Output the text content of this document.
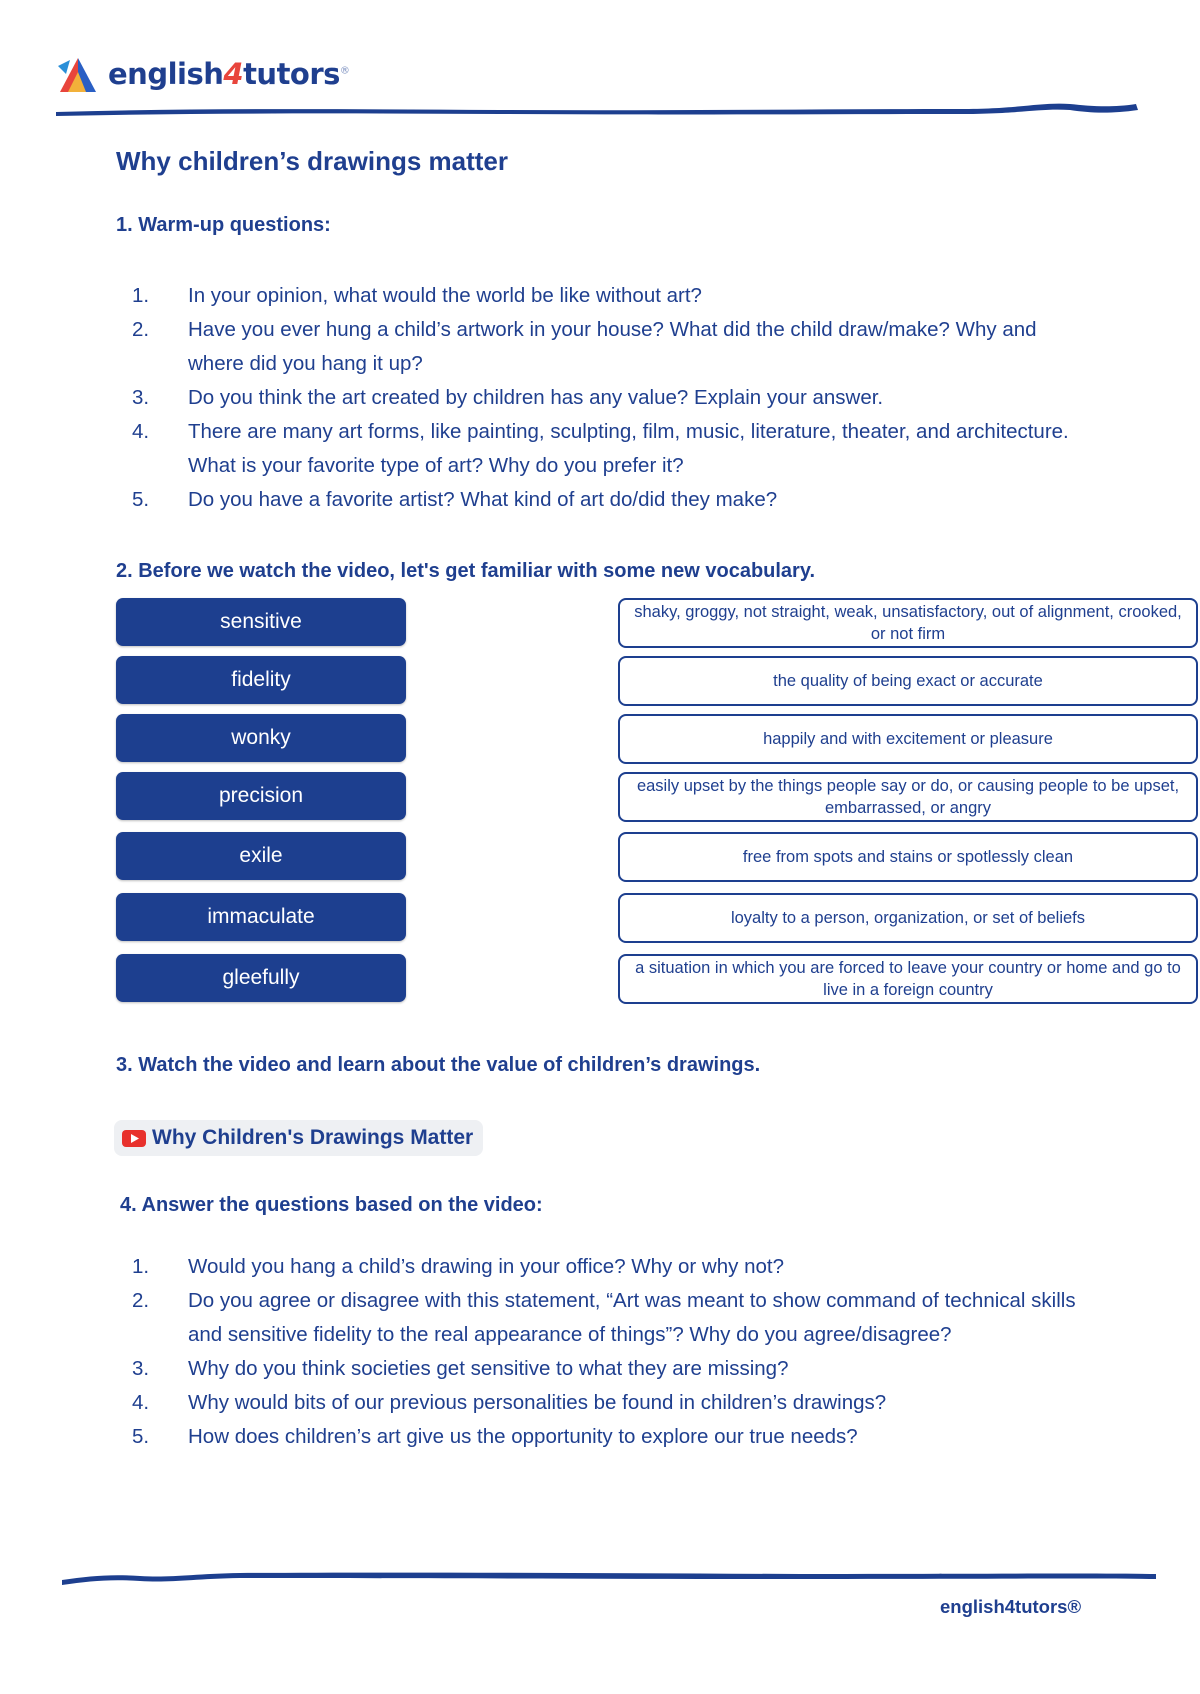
english4tutors®
Why children’s drawings matter
1. Warm-up questions:
1. In your opinion, what would the world be like without art?
2. Have you ever hung a child’s artwork in your house? What did the child draw/make? Why and where did you hang it up?
3. Do you think the art created by children has any value? Explain your answer.
4. There are many art forms, like painting, sculpting, film, music, literature, theater, and architecture. What is your favorite type of art? Why do you prefer it?
5. Do you have a favorite artist? What kind of art do/did they make?
2. Before we watch the video, let's get familiar with some new vocabulary.
sensitive
fidelity
wonky
precision
exile
immaculate
gleefully
shaky, groggy, not straight, weak, unsatisfactory, out of alignment, crooked, or not firm
the quality of being exact or accurate
happily and with excitement or pleasure
easily upset by the things people say or do, or causing people to be upset, embarrassed, or angry
free from spots and stains or spotlessly clean
loyalty to a person, organization, or set of beliefs
a situation in which you are forced to leave your country or home and go to live in a foreign country
3. Watch the video and learn about the value of children’s drawings.
Why Children's Drawings Matter
4. Answer the questions based on the video:
1. Would you hang a child’s drawing in your office? Why or why not?
2. Do you agree or disagree with this statement, “Art was meant to show command of technical skills and sensitive fidelity to the real appearance of things”? Why do you agree/disagree?
3. Why do you think societies get sensitive to what they are missing?
4. Why would bits of our previous personalities be found in children’s drawings?
5. How does children’s art give us the opportunity to explore our true needs?
english4tutors®
